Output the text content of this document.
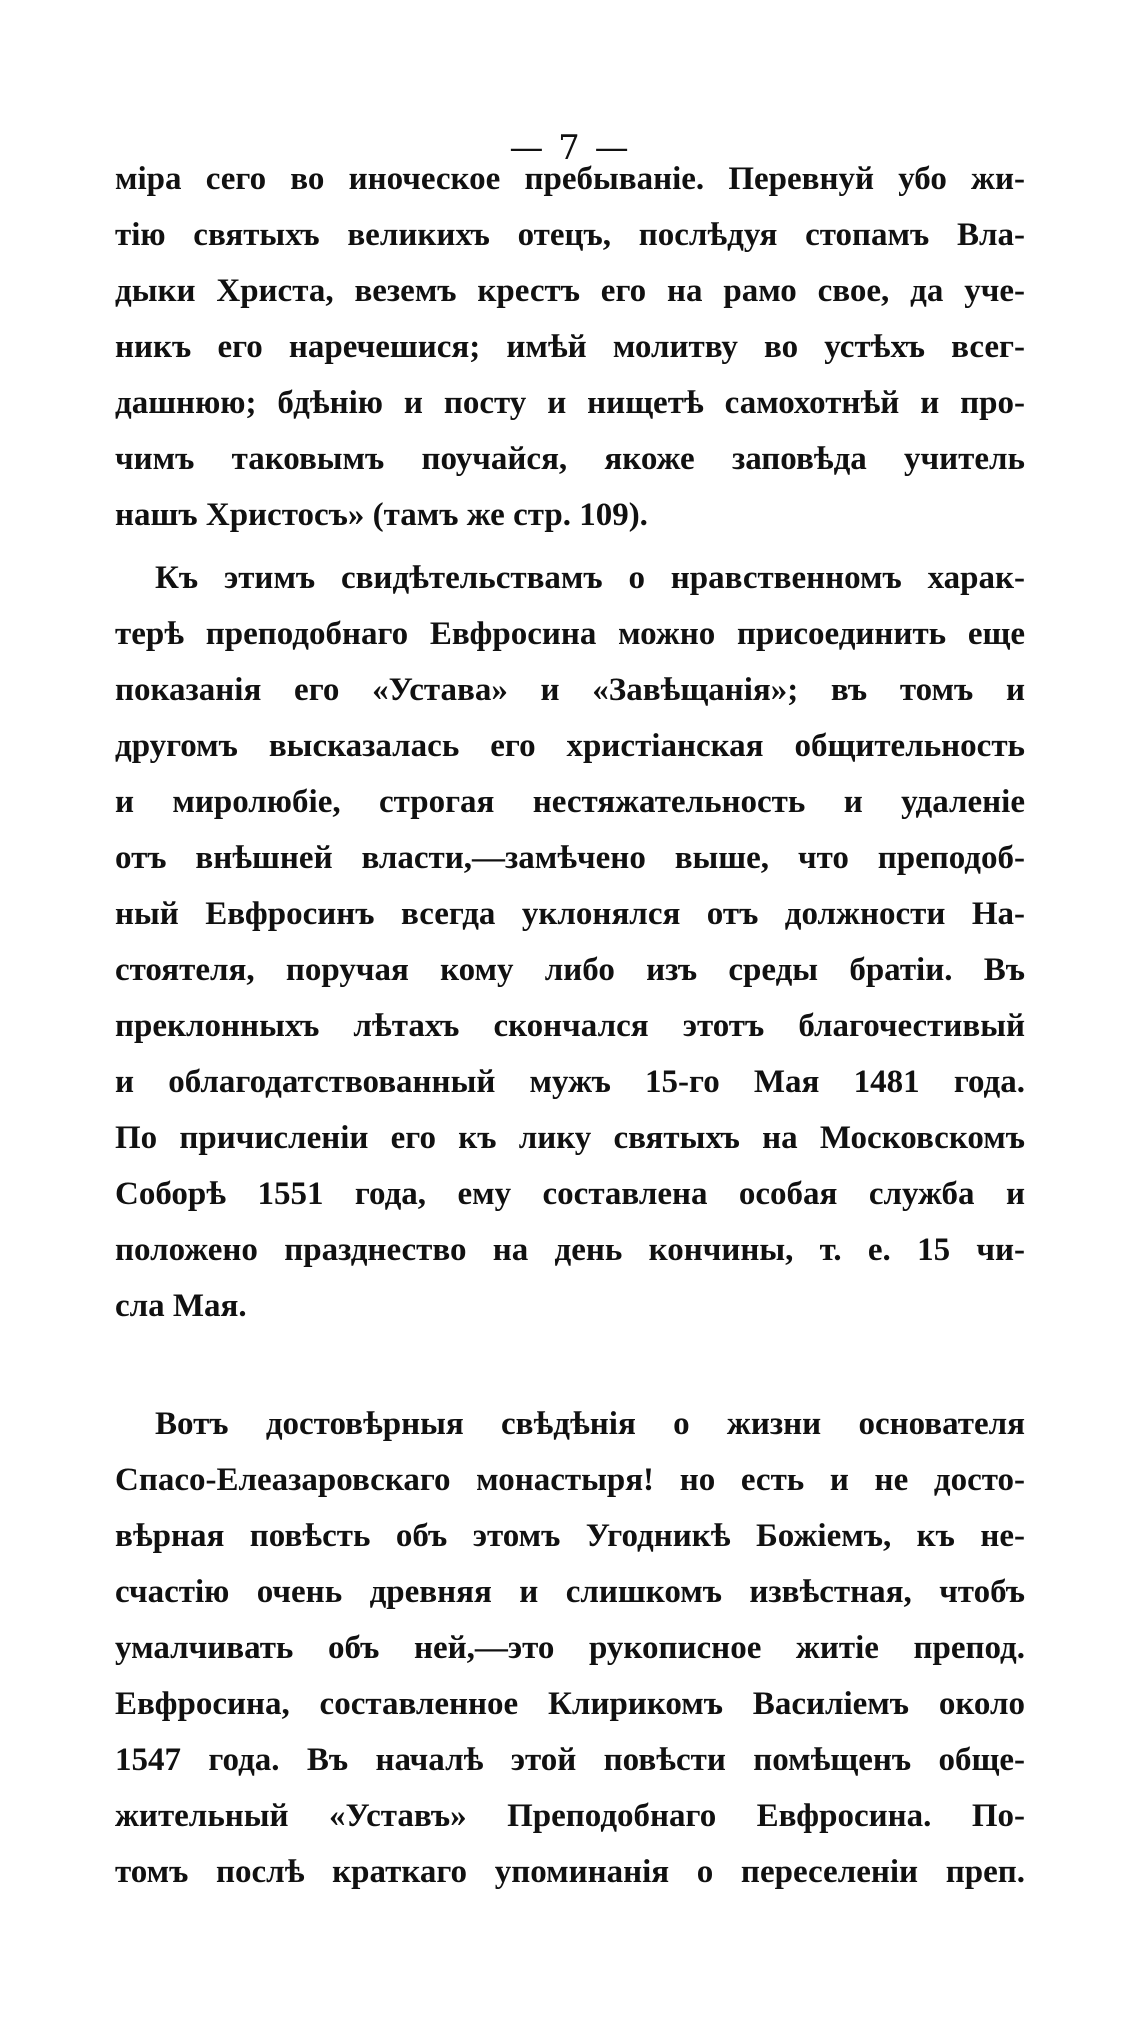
— 7 —
міра сего во иноческое пребываніе. Перевнуй убо жи-
тію святыхъ великихъ отецъ, послѣдуя стопамъ Вла-
дыки Христа, веземъ крестъ его на рамо свое, да уче-
никъ его наречешися; имѣй молитву во устѣхъ всег-
дашнюю; бдѣнію и посту и нищетѣ самохотнѣй и про-
чимъ таковымъ поучайся, якоже заповѣда учитель
нашъ Христосъ» (тамъ же стр. 109).
Къ этимъ свидѣтельствамъ о нравственномъ харак-
терѣ преподобнаго Евфросина можно присоединить еще
показанія его «Устава» и «Завѣщанія»; въ томъ и
другомъ высказалась его христіанская общительность
и миролюбіе, строгая нестяжательность и удаленіе
отъ внѣшней власти,—замѣчено выше, что преподоб-
ный Евфросинъ всегда уклонялся отъ должности На-
стоятеля, поручая кому либо изъ среды братіи. Въ
преклонныхъ лѣтахъ скончался этотъ благочестивый
и облагодатствованный мужъ 15-го Мая 1481 года.
По причисленіи его къ лику святыхъ на Московскомъ
Соборѣ 1551 года, ему составлена особая служба и
положено празднество на день кончины, т. е. 15 чи-
сла Мая.
Вотъ достовѣрныя свѣдѣнія о жизни основателя
Спасо-Елеазаровскаго монастыря! но есть и не досто-
вѣрная повѣсть объ этомъ Угодникѣ Божіемъ, къ не-
счастію очень древняя и слишкомъ извѣстная, чтобъ
умалчивать объ ней,—это рукописное житіе препод.
Евфросина, составленное Клирикомъ Василіемъ около
1547 года. Въ началѣ этой повѣсти помѣщенъ обще-
жительный «Уставъ» Преподобнаго Евфросина. По-
томъ послѣ краткаго упоминанія о переселеніи преп.
